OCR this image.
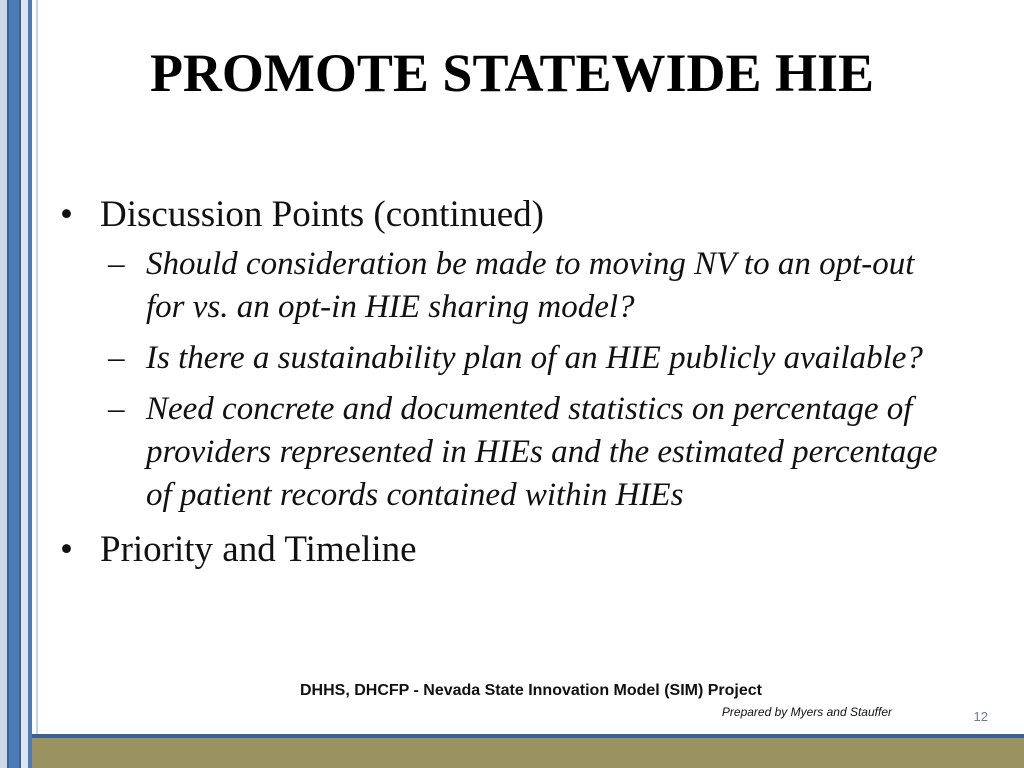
PROMOTE STATEWIDE HIE
• Discussion Points (continued)
– Should consideration be made to moving NV to an opt-out for vs. an opt-in HIE sharing model?
– Is there a sustainability plan of an HIE publicly available?
– Need concrete and documented statistics on percentage of providers represented in HIEs and the estimated percentage of patient records contained within HIEs
• Priority and Timeline
DHHS, DHCFP - Nevada State Innovation Model (SIM) Project
Prepared by Myers and Stauffer	12
